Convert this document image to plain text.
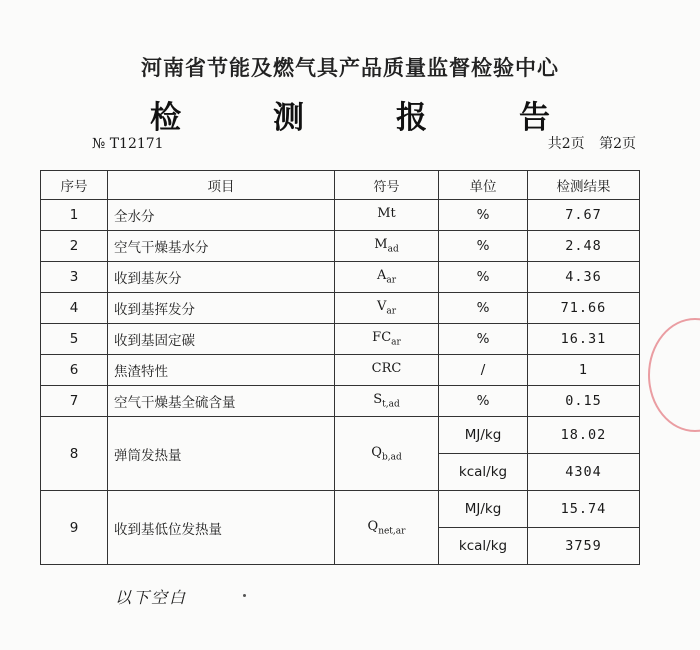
河南省节能及燃气具产品质量监督检验中心
检	测	报	告
№ T12171	共2页 第2页
序号	项目	符号	单位	检测结果
1	全水分	Mt	%	7.67
2	空气干燥基水分	$M_{ad}$	%	2.48
3	收到基灰分	$A_{ar}$	%	4.36
4	收到基挥发分	$V_{ar}$	%	71.66
5	收到基固定碳	$FC_{ar}$	%	16.31
6	焦渣特性	CRC	/	1
7	空气干燥基全硫含量	$S_{t,ad}$	%	0.15
8	弹筒发热量	$Q_{b,ad}$	MJ/kg	18.02
			kcal/kg	4304
9	收到基低位发热量	$Q_{net,ar}$	MJ/kg	15.74
			kcal/kg	3759
以下空白
